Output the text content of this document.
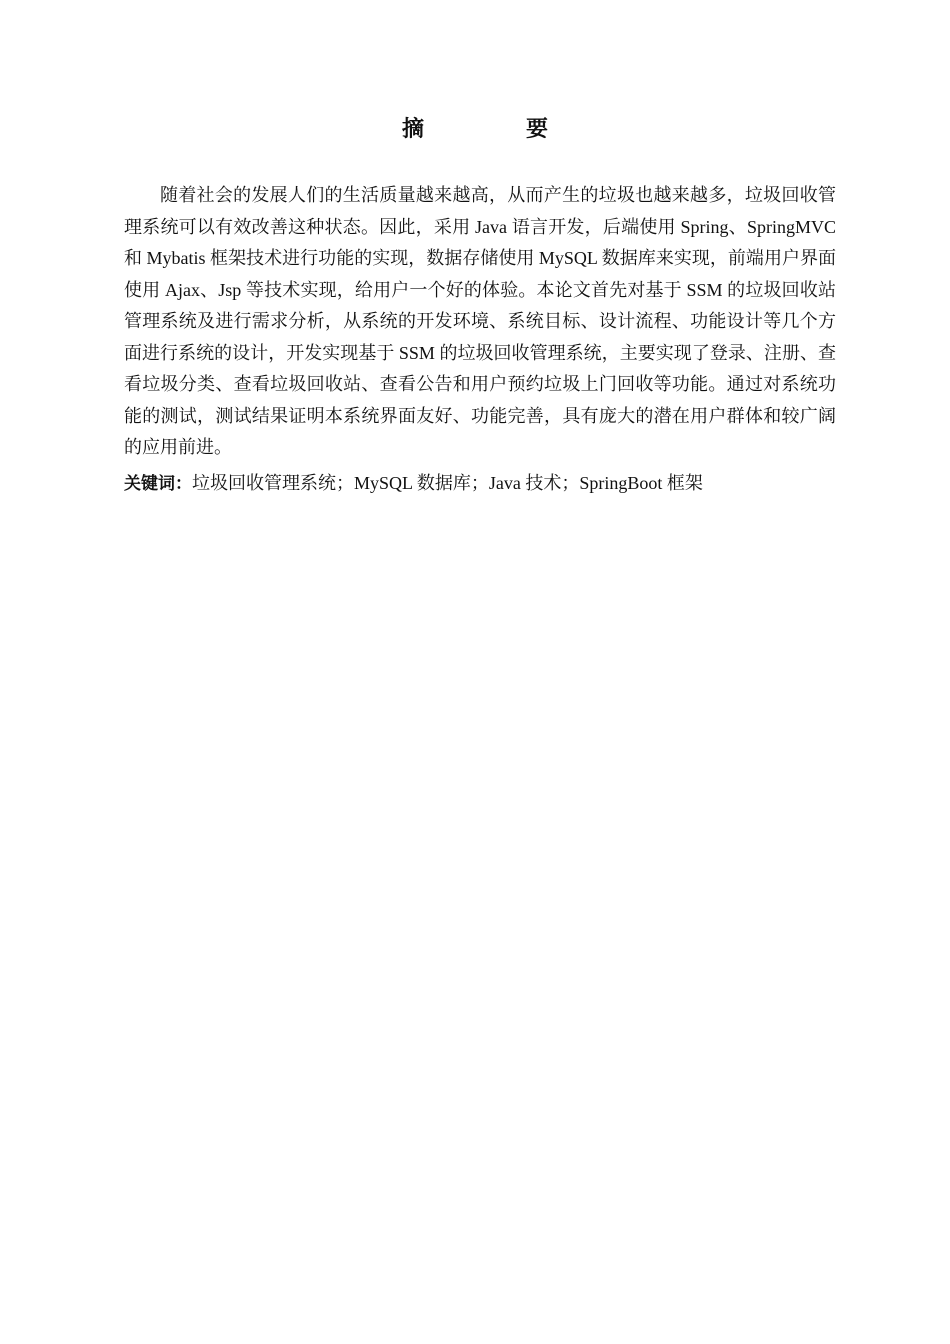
摘　要

随着社会的发展人们的生活质量越来越高，从而产生的垃圾也越来越多，垃圾回收管理系统可以有效改善这种状态。因此，采用 Java 语言开发，后端使用 Spring、SpringMVC 和 Mybatis 框架技术进行功能的实现，数据存储使用 MySQL 数据库来实现，前端用户界面使用 Ajax、Jsp 等技术实现，给用户一个好的体验。本论文首先对基于 SSM 的垃圾回收站管理系统及进行需求分析，从系统的开发环境、系统目标、设计流程、功能设计等几个方面进行系统的设计，开发实现基于 SSM 的垃圾回收管理系统，主要实现了登录、注册、查看垃圾分类、查看垃圾回收站、查看公告和用户预约垃圾上门回收等功能。通过对系统功能的测试，测试结果证明本系统界面友好、功能完善，具有庞大的潜在用户群体和较广阔的应用前进。

关键词：垃圾回收管理系统；MySQL 数据库；Java 技术；SpringBoot 框架
